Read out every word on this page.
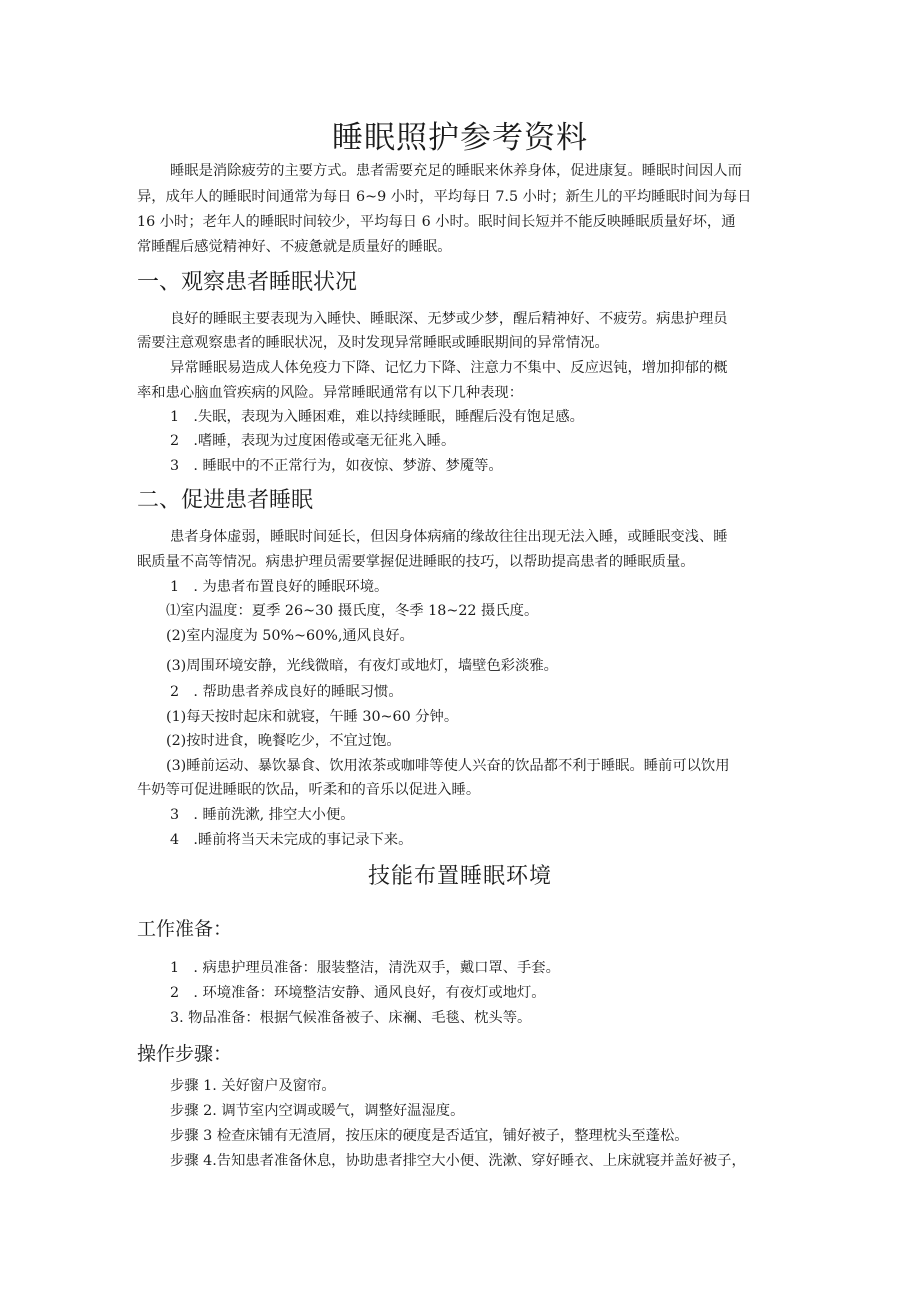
睡眠照护参考资料
睡眠是消除疲劳的主要方式。患者需要充足的睡眠来休养身体，促进康复。睡眠时间因人而
异，成年人的睡眠时间通常为每日 6~9 小时，平均每日 7.5 小时；新生儿的平均睡眠时间为每日
16 小时；老年人的睡眠时间较少，平均每日 6 小时。眠时间长短并不能反映睡眠质量好坏，通
常睡醒后感觉精神好、不疲惫就是质量好的睡眠。
一、观察患者睡眠状况
良好的睡眠主要表现为入睡快、睡眠深、无梦或少梦，醒后精神好、不疲劳。病患护理员
需要注意观察患者的睡眠状况，及时发现异常睡眠或睡眠期间的异常情况。
异常睡眠易造成人体免疫力下降、记忆力下降、注意力不集中、反应迟钝，增加抑郁的概
率和患心脑血管疾病的风险。异常睡眠通常有以下几种表现：
1　.失眠，表现为入睡困难，难以持续睡眠，睡醒后没有饱足感。
2　.嗜睡，表现为过度困倦或毫无征兆入睡。
3　. 睡眠中的不正常行为，如夜惊、梦游、梦魇等。
二、促进患者睡眠
患者身体虚弱，睡眠时间延长，但因身体病痛的缘故往往出现无法入睡，或睡眠变浅、睡
眠质量不高等情况。病患护理员需要掌握促进睡眠的技巧，以帮助提高患者的睡眠质量。
1　. 为患者布置良好的睡眠环境。
⑴室内温度：夏季 26~30 摄氏度，冬季 18~22 摄氏度。
(2)室内湿度为 50%~60%,通风良好。
(3)周围环境安静，光线微暗，有夜灯或地灯，墙壁色彩淡雅。
2　. 帮助患者养成良好的睡眠习惯。
(1)每天按时起床和就寝，午睡 30~60 分钟。
(2)按时进食，晚餐吃少，不宜过饱。
(3)睡前运动、暴饮暴食、饮用浓茶或咖啡等使人兴奋的饮品都不利于睡眠。睡前可以饮用
牛奶等可促进睡眠的饮品，听柔和的音乐以促进入睡。
3　. 睡前洗漱, 排空大小便。
4　.睡前将当天未完成的事记录下来。
技能布置睡眠环境
工作准备：
1　. 病患护理员准备：服装整洁，清洗双手，戴口罩、手套。
2　. 环境准备：环境整洁安静、通风良好，有夜灯或地灯。
3. 物品准备：根据气候准备被子、床襕、毛毯、枕头等。
操作步骤：
步骤 1. 关好窗户及窗帘。
步骤 2. 调节室内空调或暖气，调整好温湿度。
步骤 3 检查床铺有无渣屑，按压床的硬度是否适宜，铺好被子，整理枕头至蓬松。
步骤 4.告知患者准备休息，协助患者排空大小便、洗漱、穿好睡衣、上床就寝并盖好被子，
